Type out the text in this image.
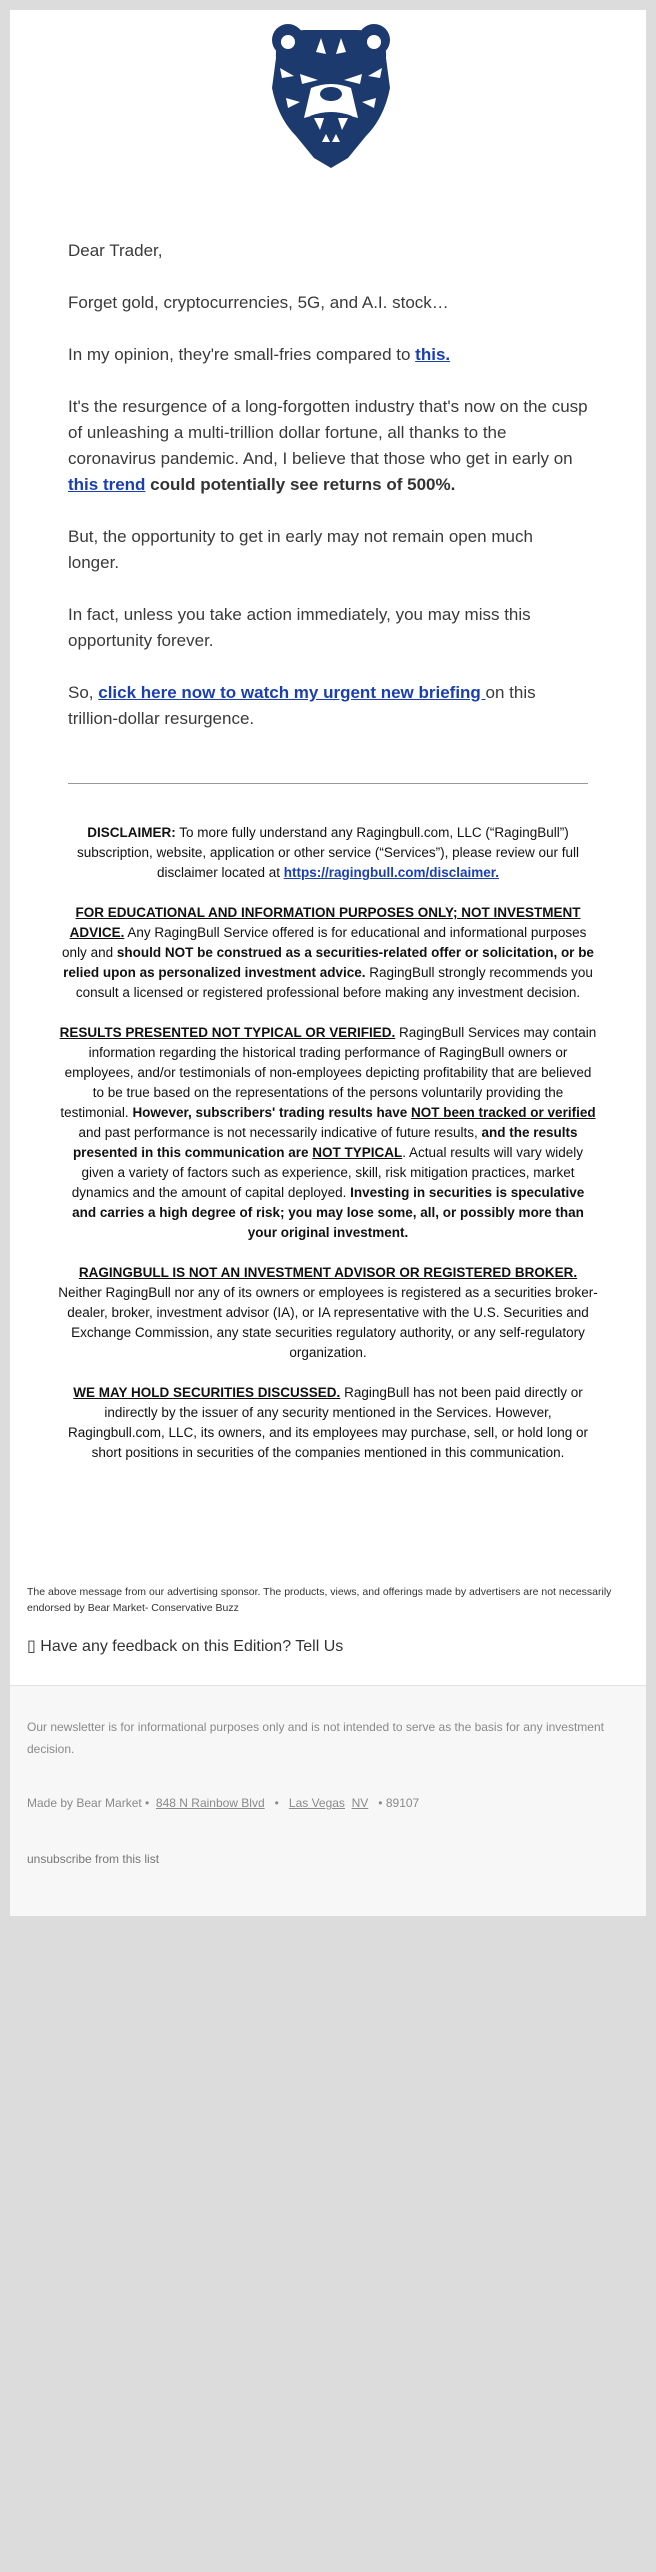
Dear Trader,

Forget gold, cryptocurrencies, 5G, and A.I. stock…

In my opinion, they're small-fries compared to this.

It's the resurgence of a long-forgotten industry that's now on the cusp of unleashing a multi-trillion dollar fortune, all thanks to the coronavirus pandemic. And, I believe that those who get in early on this trend could potentially see returns of 500%.

But, the opportunity to get in early may not remain open much longer.

In fact, unless you take action immediately, you may miss this opportunity forever.

So, click here now to watch my urgent new briefing on this trillion-dollar resurgence.

DISCLAIMER: To more fully understand any Ragingbull.com, LLC (“RagingBull”) subscription, website, application or other service (“Services”), please review our full disclaimer located at https://ragingbull.com/disclaimer.

FOR EDUCATIONAL AND INFORMATION PURPOSES ONLY; NOT INVESTMENT ADVICE. Any RagingBull Service offered is for educational and informational purposes only and should NOT be construed as a securities-related offer or solicitation, or be relied upon as personalized investment advice. RagingBull strongly recommends you consult a licensed or registered professional before making any investment decision.

RESULTS PRESENTED NOT TYPICAL OR VERIFIED. RagingBull Services may contain information regarding the historical trading performance of RagingBull owners or employees, and/or testimonials of non-employees depicting profitability that are believed to be true based on the representations of the persons voluntarily providing the testimonial. However, subscribers' trading results have NOT been tracked or verified and past performance is not necessarily indicative of future results, and the results presented in this communication are NOT TYPICAL. Actual results will vary widely given a variety of factors such as experience, skill, risk mitigation practices, market dynamics and the amount of capital deployed. Investing in securities is speculative and carries a high degree of risk; you may lose some, all, or possibly more than your original investment.

RAGINGBULL IS NOT AN INVESTMENT ADVISOR OR REGISTERED BROKER. Neither RagingBull nor any of its owners or employees is registered as a securities broker-dealer, broker, investment advisor (IA), or IA representative with the U.S. Securities and Exchange Commission, any state securities regulatory authority, or any self-regulatory organization.

WE MAY HOLD SECURITIES DISCUSSED. RagingBull has not been paid directly or indirectly by the issuer of any security mentioned in the Services. However, Ragingbull.com, LLC, its owners, and its employees may purchase, sell, or hold long or short positions in securities of the companies mentioned in this communication.

The above message from our advertising sponsor. The products, views, and offerings made by advertisers are not necessarily endorsed by Bear Market- Conservative Buzz
▯ Have any feedback on this Edition? Tell Us
Our newsletter is for informational purposes only and is not intended to serve as the basis for any investment decision.
Made by Bear Market • 848 N Rainbow Blvd • Las Vegas NV • 89107
unsubscribe from this list
